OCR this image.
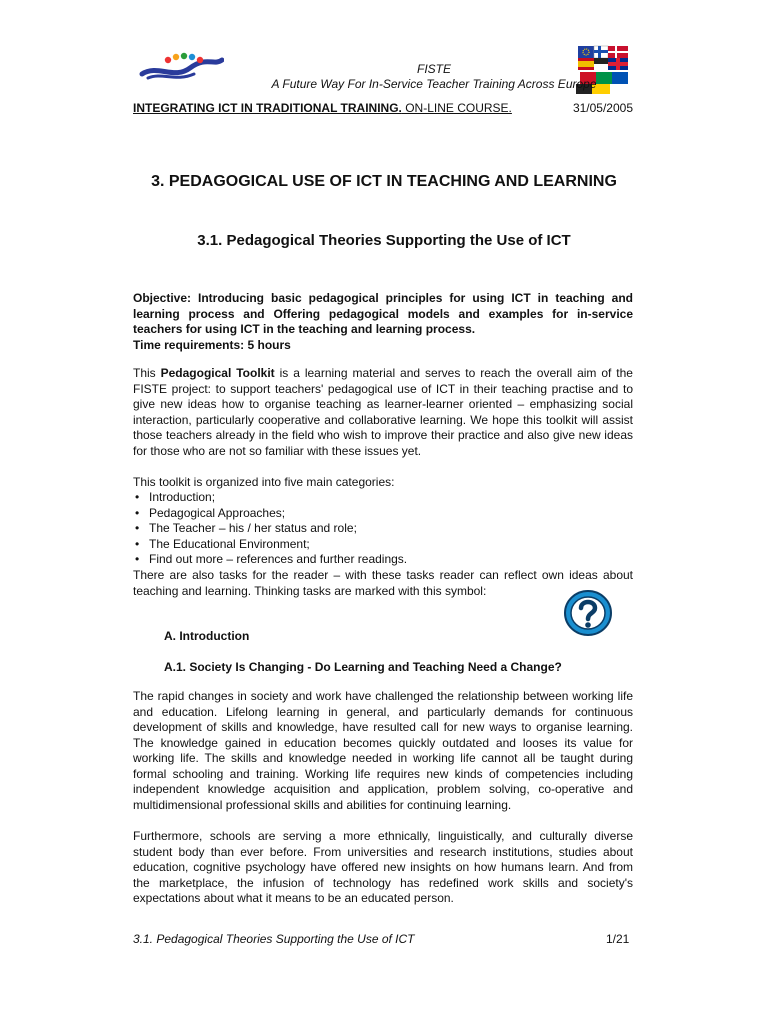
FISTE
A Future Way For In-Service Teacher Training Across Europe
INTEGRATING ICT IN TRADITIONAL TRAINING. ON-LINE COURSE.	31/05/2005
3. PEDAGOGICAL USE OF ICT IN TEACHING AND LEARNING
3.1. Pedagogical Theories Supporting the Use of ICT
Objective: Introducing basic pedagogical principles for using ICT in teaching and learning process and Offering pedagogical models and examples for in-service teachers for using ICT in the teaching and learning process.
Time requirements: 5 hours
This Pedagogical Toolkit is a learning material and serves to reach the overall aim of the FISTE project: to support teachers' pedagogical use of ICT in their teaching practise and to give new ideas how to organise teaching as learner-learner oriented – emphasizing social interaction, particularly cooperative and collaborative learning. We hope this toolkit will assist those teachers already in the field who wish to improve their practice and also give new ideas for those who are not so familiar with these issues yet.
This toolkit is organized into five main categories:
• Introduction;
• Pedagogical Approaches;
• The Teacher – his / her status and role;
• The Educational Environment;
• Find out more – references and further readings.
There are also tasks for the reader – with these tasks reader can reflect own ideas about teaching and learning. Thinking tasks are marked with this symbol:
A. Introduction
A.1. Society Is Changing - Do Learning and Teaching Need a Change?
The rapid changes in society and work have challenged the relationship between working life and education. Lifelong learning in general, and particularly demands for continuous development of skills and knowledge, have resulted call for new ways to organise learning. The knowledge gained in education becomes quickly outdated and looses its value for working life. The skills and knowledge needed in working life cannot all be taught during formal schooling and training. Working life requires new kinds of competencies including independent knowledge acquisition and application, problem solving, co-operative and multidimensional professional skills and abilities for continuing learning.
Furthermore, schools are serving a more ethnically, linguistically, and culturally diverse student body than ever before. From universities and research institutions, studies about education, cognitive psychology have offered new insights on how humans learn. And from the marketplace, the infusion of technology has redefined work skills and society's expectations about what it means to be an educated person.
3.1. Pedagogical Theories Supporting the Use of ICT	1/21
